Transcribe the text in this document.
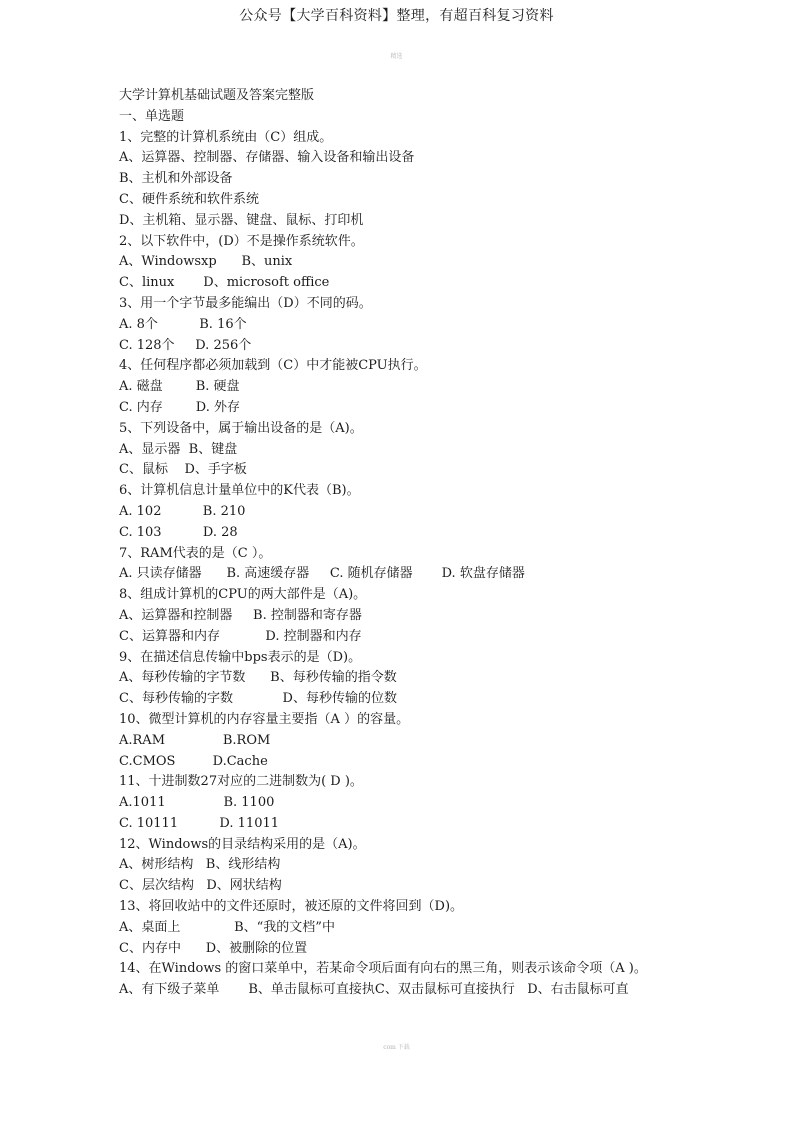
公众号【大学百科资料】整理，有超百科复习资料
精选
大学计算机基础试题及答案完整版
一、单选题
1、完整的计算机系统由（C）组成。
A、运算器、控制器、存储器、输入设备和输出设备
B、主机和外部设备
C、硬件系统和软件系统
D、主机箱、显示器、键盘、鼠标、打印机
2、以下软件中，(D）不是操作系统软件。
A、Windowsxp      B、unix
C、linux       D、microsoft office
3、用一个字节最多能编出（D）不同的码。
A. 8个          B. 16个
C. 128个     D. 256个
4、任何程序都必须加载到（C）中才能被CPU执行。
A. 磁盘        B. 硬盘
C. 内存        D. 外存
5、下列设备中，属于输出设备的是（A)。
A、显示器  B、键盘
C、鼠标    D、手字板
6、计算机信息计量单位中的K代表（B)。
A. 102          B. 210
C. 103          D. 28
7、RAM代表的是（C ）。
A. 只读存储器      B. 高速缓存器     C. 随机存储器       D. 软盘存储器
8、组成计算机的CPU的两大部件是（A)。
A、运算器和控制器     B. 控制器和寄存器
C、运算器和内存           D. 控制器和内存
9、在描述信息传输中bps表示的是（D)。
A、每秒传输的字节数      B、每秒传输的指令数
C、每秒传输的字数            D、每秒传输的位数
10、微型计算机的内存容量主要指（A ）的容量。
A.RAM              B.ROM
C.CMOS         D.Cache
11、十进制数27对应的二进制数为( D )。
A.1011              B. 1100
C. 10111          D. 11011
12、Windows的目录结构采用的是（A)。
A、树形结构   B、线形结构
C、层次结构   D、网状结构
13、将回收站中的文件还原时，被还原的文件将回到（D)。
A、桌面上             B、“我的文档”中
C、内存中      D、被删除的位置
14、在Windows 的窗口菜单中，若某命令项后面有向右的黑三角，则表示该命令项（A )。
A、有下级子菜单       B、单击鼠标可直接执C、双击鼠标可直接执行   D、右击鼠标可直
com 下载
